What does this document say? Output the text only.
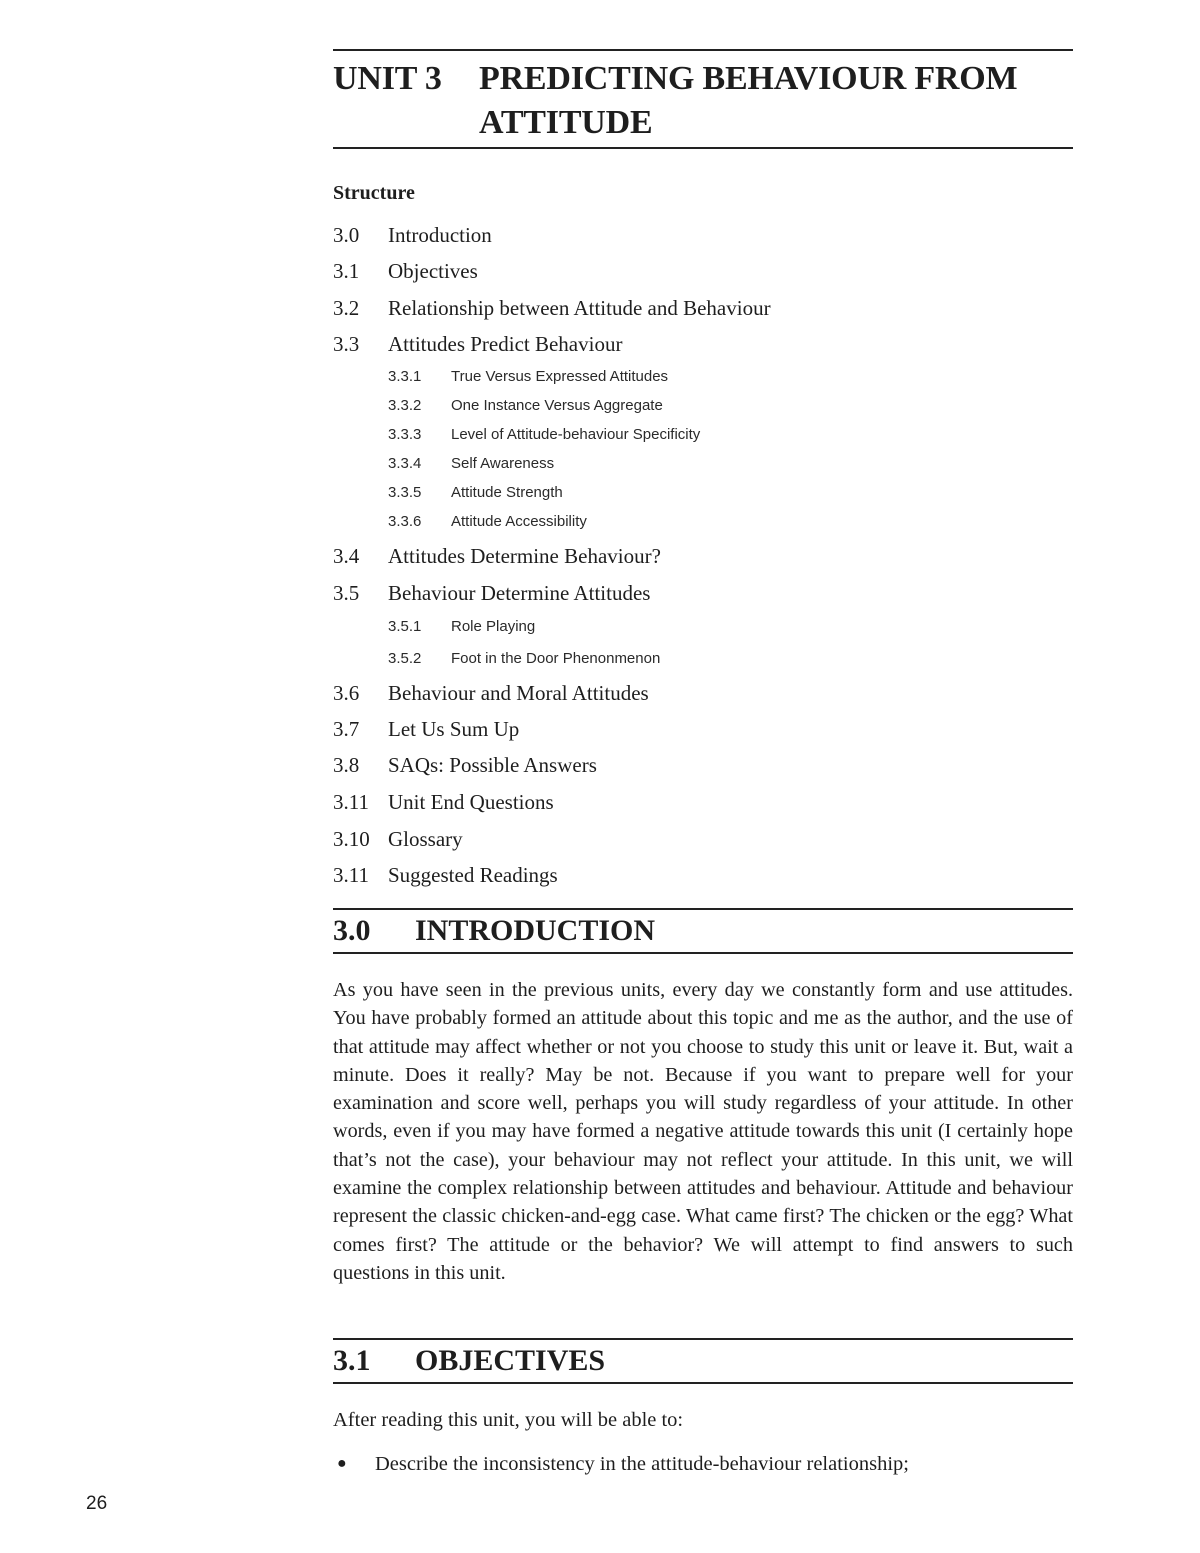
UNIT 3	PREDICTING BEHAVIOUR FROM
ATTITUDE
Structure
3.0 Introduction
3.1 Objectives
3.2 Relationship between Attitude and Behaviour
3.3 Attitudes Predict Behaviour
3.3.1 True Versus Expressed Attitudes
3.3.2 One Instance Versus Aggregate
3.3.3 Level of Attitude-behaviour Specificity
3.3.4 Self Awareness
3.3.5 Attitude Strength
3.3.6 Attitude Accessibility
3.4 Attitudes Determine Behaviour?
3.5 Behaviour Determine Attitudes
3.5.1 Role Playing
3.5.2 Foot in the Door Phenonmenon
3.6 Behaviour and Moral Attitudes
3.7 Let Us Sum Up
3.8 SAQs: Possible Answers
3.11 Unit End Questions
3.10 Glossary
3.11 Suggested Readings
3.0 INTRODUCTION

As you have seen in the previous units, every day we constantly form and use attitudes. You have probably formed an attitude about this topic and me as the author, and the use of that attitude may affect whether or not you choose to study this unit or leave it. But, wait a minute. Does it really? May be not. Because if you want to prepare well for your examination and score well, perhaps you will study regardless of your attitude. In other words, even if you may have formed a negative attitude towards this unit (I certainly hope that’s not the case), your behaviour may not reflect your attitude. In this unit, we will examine the complex relationship between attitudes and behaviour. Attitude and behaviour represent the classic chicken-and-egg case. What came first? The chicken or the egg? What comes first? The attitude or the behavior? We will attempt to find answers to such questions in this unit.

3.1 OBJECTIVES
After reading this unit, you will be able to:
●	Describe the inconsistency in the attitude-behaviour relationship;
26
